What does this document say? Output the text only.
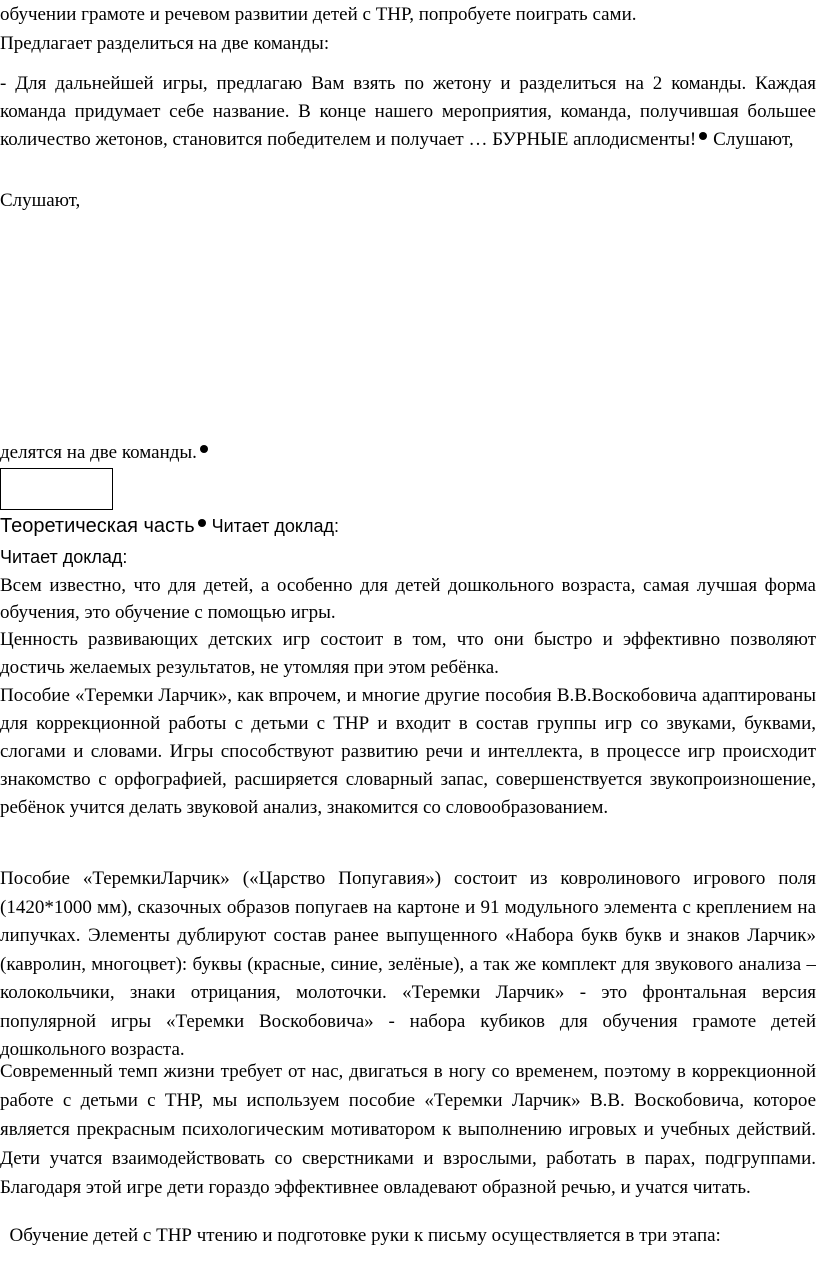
обучении грамоте и речевом развитии детей с ТНР, попробуете поиграть сами.

Предлагает разделиться на две команды:

- Для дальнейшей игры, предлагаю Вам взять по жетону и разделиться на 2 команды. Каждая команда придумает себе название. В конце нашего мероприятия, команда, получившая большее количество жетонов, становится победителем и получает … БУРНЫЕ аплодисменты! Слушают,

Слушают,

делятся на две команды.

Теоретическая часть Читает доклад:

Читает доклад:

Всем известно, что для детей, а особенно для детей дошкольного возраста, самая лучшая форма обучения, это обучение с помощью игры.

Ценность развивающих детских игр состоит в том, что они быстро и эффективно позволяют достичь желаемых результатов, не утомляя при этом ребёнка.

Пособие «Теремки Ларчик», как впрочем, и многие другие пособия В.В.Воскобовича адаптированы для коррекционной работы с детьми с ТНР и входит в состав группы игр со звуками, буквами, слогами и словами. Игры способствуют развитию речи и интеллекта, в процессе игр происходит знакомство с орфографией, расширяется словарный запас, совершенствуется звукопроизношение, ребёнок учится делать звуковой анализ, знакомится со словообразованием.

Пособие «ТеремкиЛарчик» («Царство Попугавия») состоит из ковролинового игрового поля (1420*1000 мм), сказочных образов попугаев на картоне и 91 модульного элемента с креплением на липучках. Элементы дублируют состав ранее выпущенного «Набора букв букв и знаков Ларчик» (кавролин, многоцвет): буквы (красные, синие, зелёные), а так же комплект для звукового анализа – колокольчики, знаки отрицания, молоточки. «Теремки Ларчик» - это фронтальная версия популярной игры «Теремки Воскобовича» - набора кубиков для обучения грамоте детей дошкольного возраста.

Современный темп жизни требует от нас, двигаться в ногу со временем, поэтому в коррекционной работе с детьми с ТНР, мы используем пособие «Теремки Ларчик» В.В. Воскобовича, которое является прекрасным психологическим мотиватором к выполнению игровых и учебных действий. Дети учатся взаимодействовать со сверстниками и взрослыми, работать в парах, подгруппами. Благодаря этой игре дети гораздо эффективнее овладевают образной речью, и учатся читать.

Обучение детей с ТНР чтению и подготовке руки к письму осуществляется в три этапа:
